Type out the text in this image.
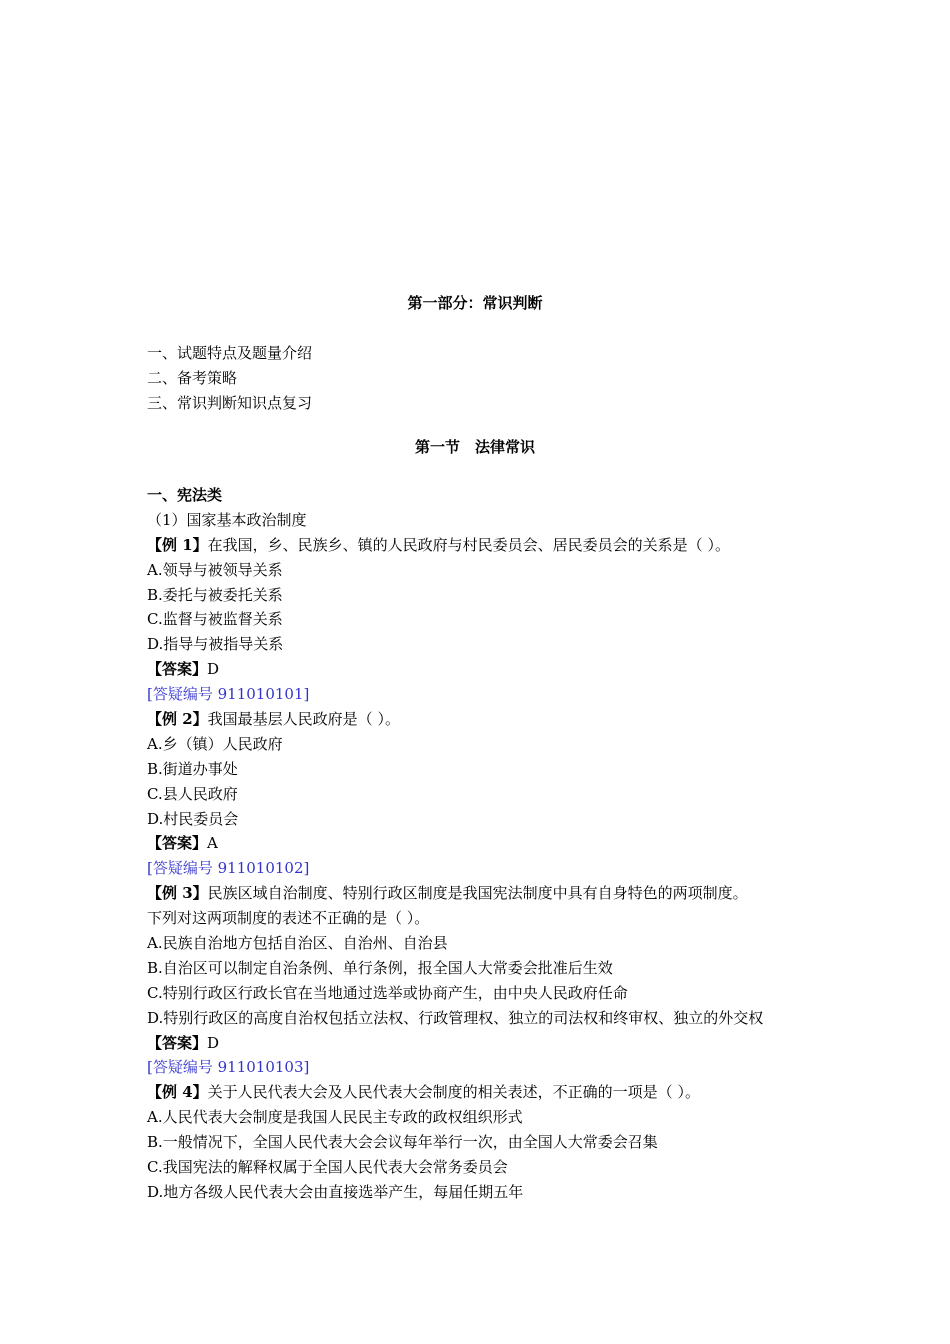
第一部分：常识判断
一、试题特点及题量介绍
二、备考策略
三、常识判断知识点复习
第一节　法律常识
一、宪法类
（1）国家基本政治制度
【例 1】在我国，乡、民族乡、镇的人民政府与村民委员会、居民委员会的关系是（ ）。
A.领导与被领导关系
B.委托与被委托关系
C.监督与被监督关系
D.指导与被指导关系
【答案】D
[答疑编号 911010101]
【例 2】我国最基层人民政府是（ ）。
A.乡（镇）人民政府
B.街道办事处
C.县人民政府
D.村民委员会
【答案】A
[答疑编号 911010102]
【例 3】民族区域自治制度、特别行政区制度是我国宪法制度中具有自身特色的两项制度。
下列对这两项制度的表述不正确的是（ ）。
A.民族自治地方包括自治区、自治州、自治县
B.自治区可以制定自治条例、单行条例，报全国人大常委会批准后生效
C.特别行政区行政长官在当地通过选举或协商产生，由中央人民政府任命
D.特别行政区的高度自治权包括立法权、行政管理权、独立的司法权和终审权、独立的外交权
【答案】D
[答疑编号 911010103]
【例 4】关于人民代表大会及人民代表大会制度的相关表述，不正确的一项是（ ）。
A.人民代表大会制度是我国人民民主专政的政权组织形式
B.一般情况下，全国人民代表大会会议每年举行一次，由全国人大常委会召集
C.我国宪法的解释权属于全国人民代表大会常务委员会
D.地方各级人民代表大会由直接选举产生，每届任期五年
